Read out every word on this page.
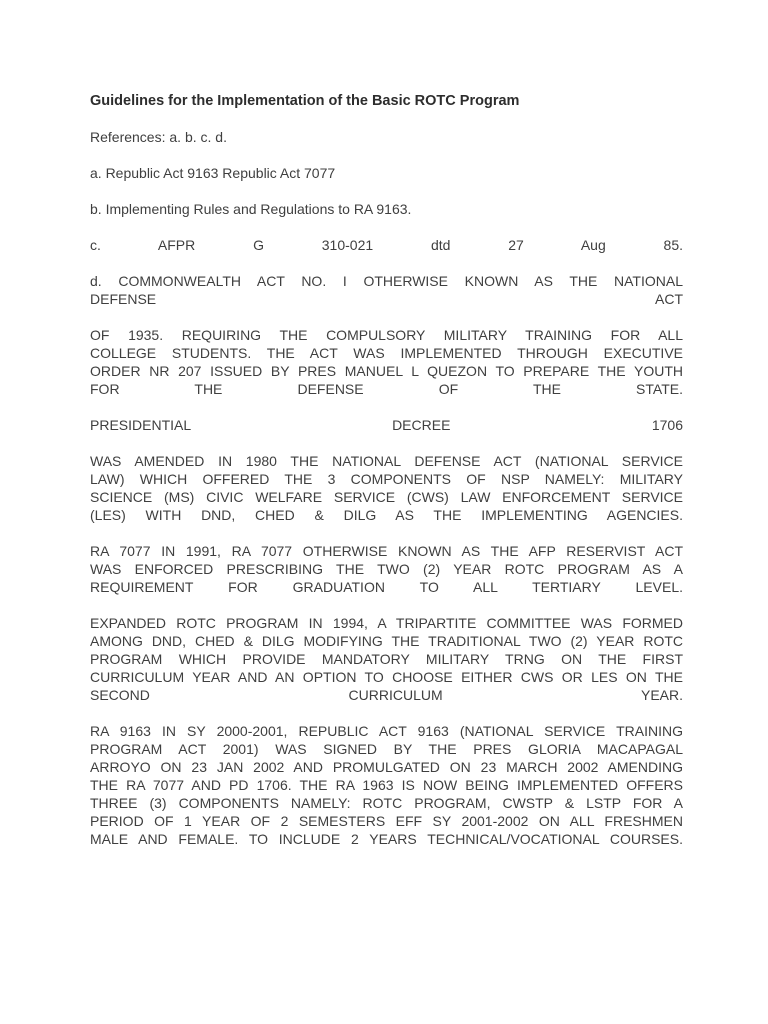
Guidelines for the Implementation of the Basic ROTC Program
References: a. b. c. d.
a. Republic Act 9163 Republic Act 7077
b. Implementing Rules and Regulations to RA 9163.
c. AFPR G 310-021 dtd 27 Aug 85.
d. COMMONWEALTH ACT NO. I OTHERWISE KNOWN AS THE NATIONAL
DEFENSE ACT
OF 1935. REQUIRING THE COMPULSORY MILITARY TRAINING FOR ALL
COLLEGE STUDENTS. THE ACT WAS IMPLEMENTED THROUGH EXECUTIVE
ORDER NR 207 ISSUED BY PRES MANUEL L QUEZON TO PREPARE THE YOUTH
FOR THE DEFENSE OF THE STATE.
PRESIDENTIAL DECREE 1706
WAS AMENDED IN 1980 THE NATIONAL DEFENSE ACT (NATIONAL SERVICE
LAW) WHICH OFFERED THE 3 COMPONENTS OF NSP NAMELY: MILITARY
SCIENCE (MS) CIVIC WELFARE SERVICE (CWS) LAW ENFORCEMENT SERVICE
(LES) WITH DND, CHED & DILG AS THE IMPLEMENTING AGENCIES.
RA 7077 IN 1991, RA 7077 OTHERWISE KNOWN AS THE AFP RESERVIST ACT
WAS ENFORCED PRESCRIBING THE TWO (2) YEAR ROTC PROGRAM AS A
REQUIREMENT FOR GRADUATION TO ALL TERTIARY LEVEL.
EXPANDED ROTC PROGRAM IN 1994, A TRIPARTITE COMMITTEE WAS FORMED
AMONG DND, CHED & DILG MODIFYING THE TRADITIONAL TWO (2) YEAR ROTC
PROGRAM WHICH PROVIDE MANDATORY MILITARY TRNG ON THE FIRST
CURRICULUM YEAR AND AN OPTION TO CHOOSE EITHER CWS OR LES ON THE
SECOND CURRICULUM YEAR.
RA 9163 IN SY 2000-2001, REPUBLIC ACT 9163 (NATIONAL SERVICE TRAINING
PROGRAM ACT 2001) WAS SIGNED BY THE PRES GLORIA MACAPAGAL
ARROYO ON 23 JAN 2002 AND PROMULGATED ON 23 MARCH 2002 AMENDING
THE RA 7077 AND PD 1706. THE RA 1963 IS NOW BEING IMPLEMENTED OFFERS
THREE (3) COMPONENTS NAMELY: ROTC PROGRAM, CWSTP & LSTP FOR A
PERIOD OF 1 YEAR OF 2 SEMESTERS EFF SY 2001-2002 ON ALL FRESHMEN
MALE AND FEMALE. TO INCLUDE 2 YEARS TECHNICAL/VOCATIONAL COURSES.
